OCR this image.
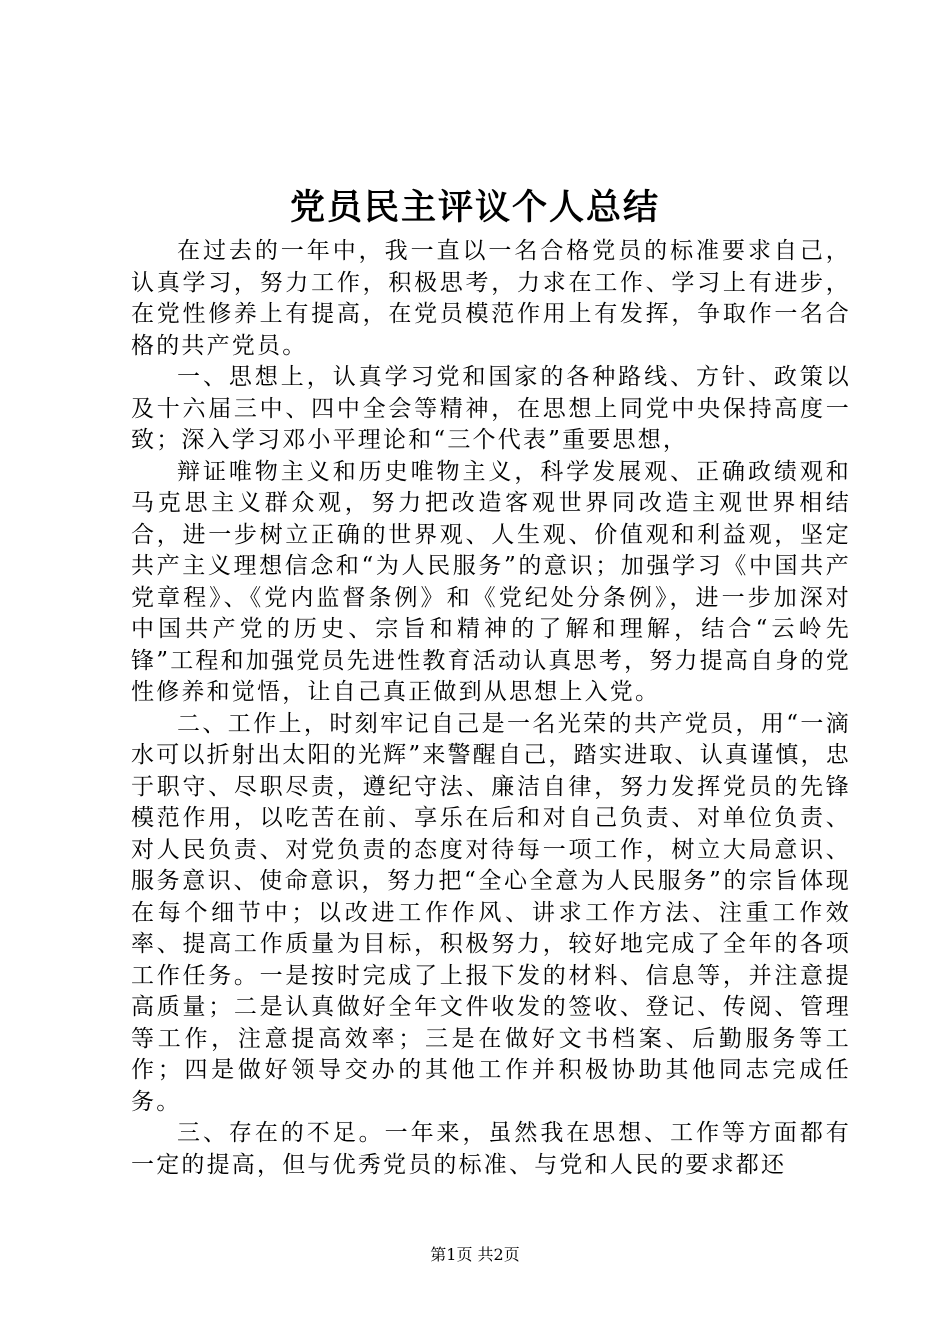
党员民主评议个人总结

在过去的一年中，我一直以一名合格党员的标准要求自己，认真学习，努力工作，积极思考，力求在工作、学习上有进步，在党性修养上有提高，在党员模范作用上有发挥，争取作一名合格的共产党员。

一、思想上，认真学习党和国家的各种路线、方针、政策以及十六届三中、四中全会等精神，在思想上同党中央保持高度一致；深入学习邓小平理论和“三个代表”重要思想，

辩证唯物主义和历史唯物主义，科学发展观、正确政绩观和马克思主义群众观，努力把改造客观世界同改造主观世界相结合，进一步树立正确的世界观、人生观、价值观和利益观，坚定共产主义理想信念和“为人民服务”的意识；加强学习《中国共产党章程》、《党内监督条例》和《党纪处分条例》，进一步加深对中国共产党的历史、宗旨和精神的了解和理解，结合“云岭先锋”工程和加强党员先进性教育活动认真思考，努力提高自身的党性修养和觉悟，让自己真正做到从思想上入党。

二、工作上，时刻牢记自己是一名光荣的共产党员，用“一滴水可以折射出太阳的光辉”来警醒自己，踏实进取、认真谨慎，忠于职守、尽职尽责，遵纪守法、廉洁自律，努力发挥党员的先锋模范作用，以吃苦在前、享乐在后和对自己负责、对单位负责、对人民负责、对党负责的态度对待每一项工作，树立大局意识、服务意识、使命意识，努力把“全心全意为人民服务”的宗旨体现在每个细节中；以改进工作作风、讲求工作方法、注重工作效率、提高工作质量为目标，积极努力，较好地完成了全年的各项工作任务。一是按时完成了上报下发的材料、信息等，并注意提高质量；二是认真做好全年文件收发的签收、登记、传阅、管理等工作，注意提高效率；三是在做好文书档案、后勤服务等工作；四是做好领导交办的其他工作并积极协助其他同志完成任务。

三、存在的不足。一年来，虽然我在思想、工作等方面都有一定的提高，但与优秀党员的标准、与党和人民的要求都还

第1页 共2页
